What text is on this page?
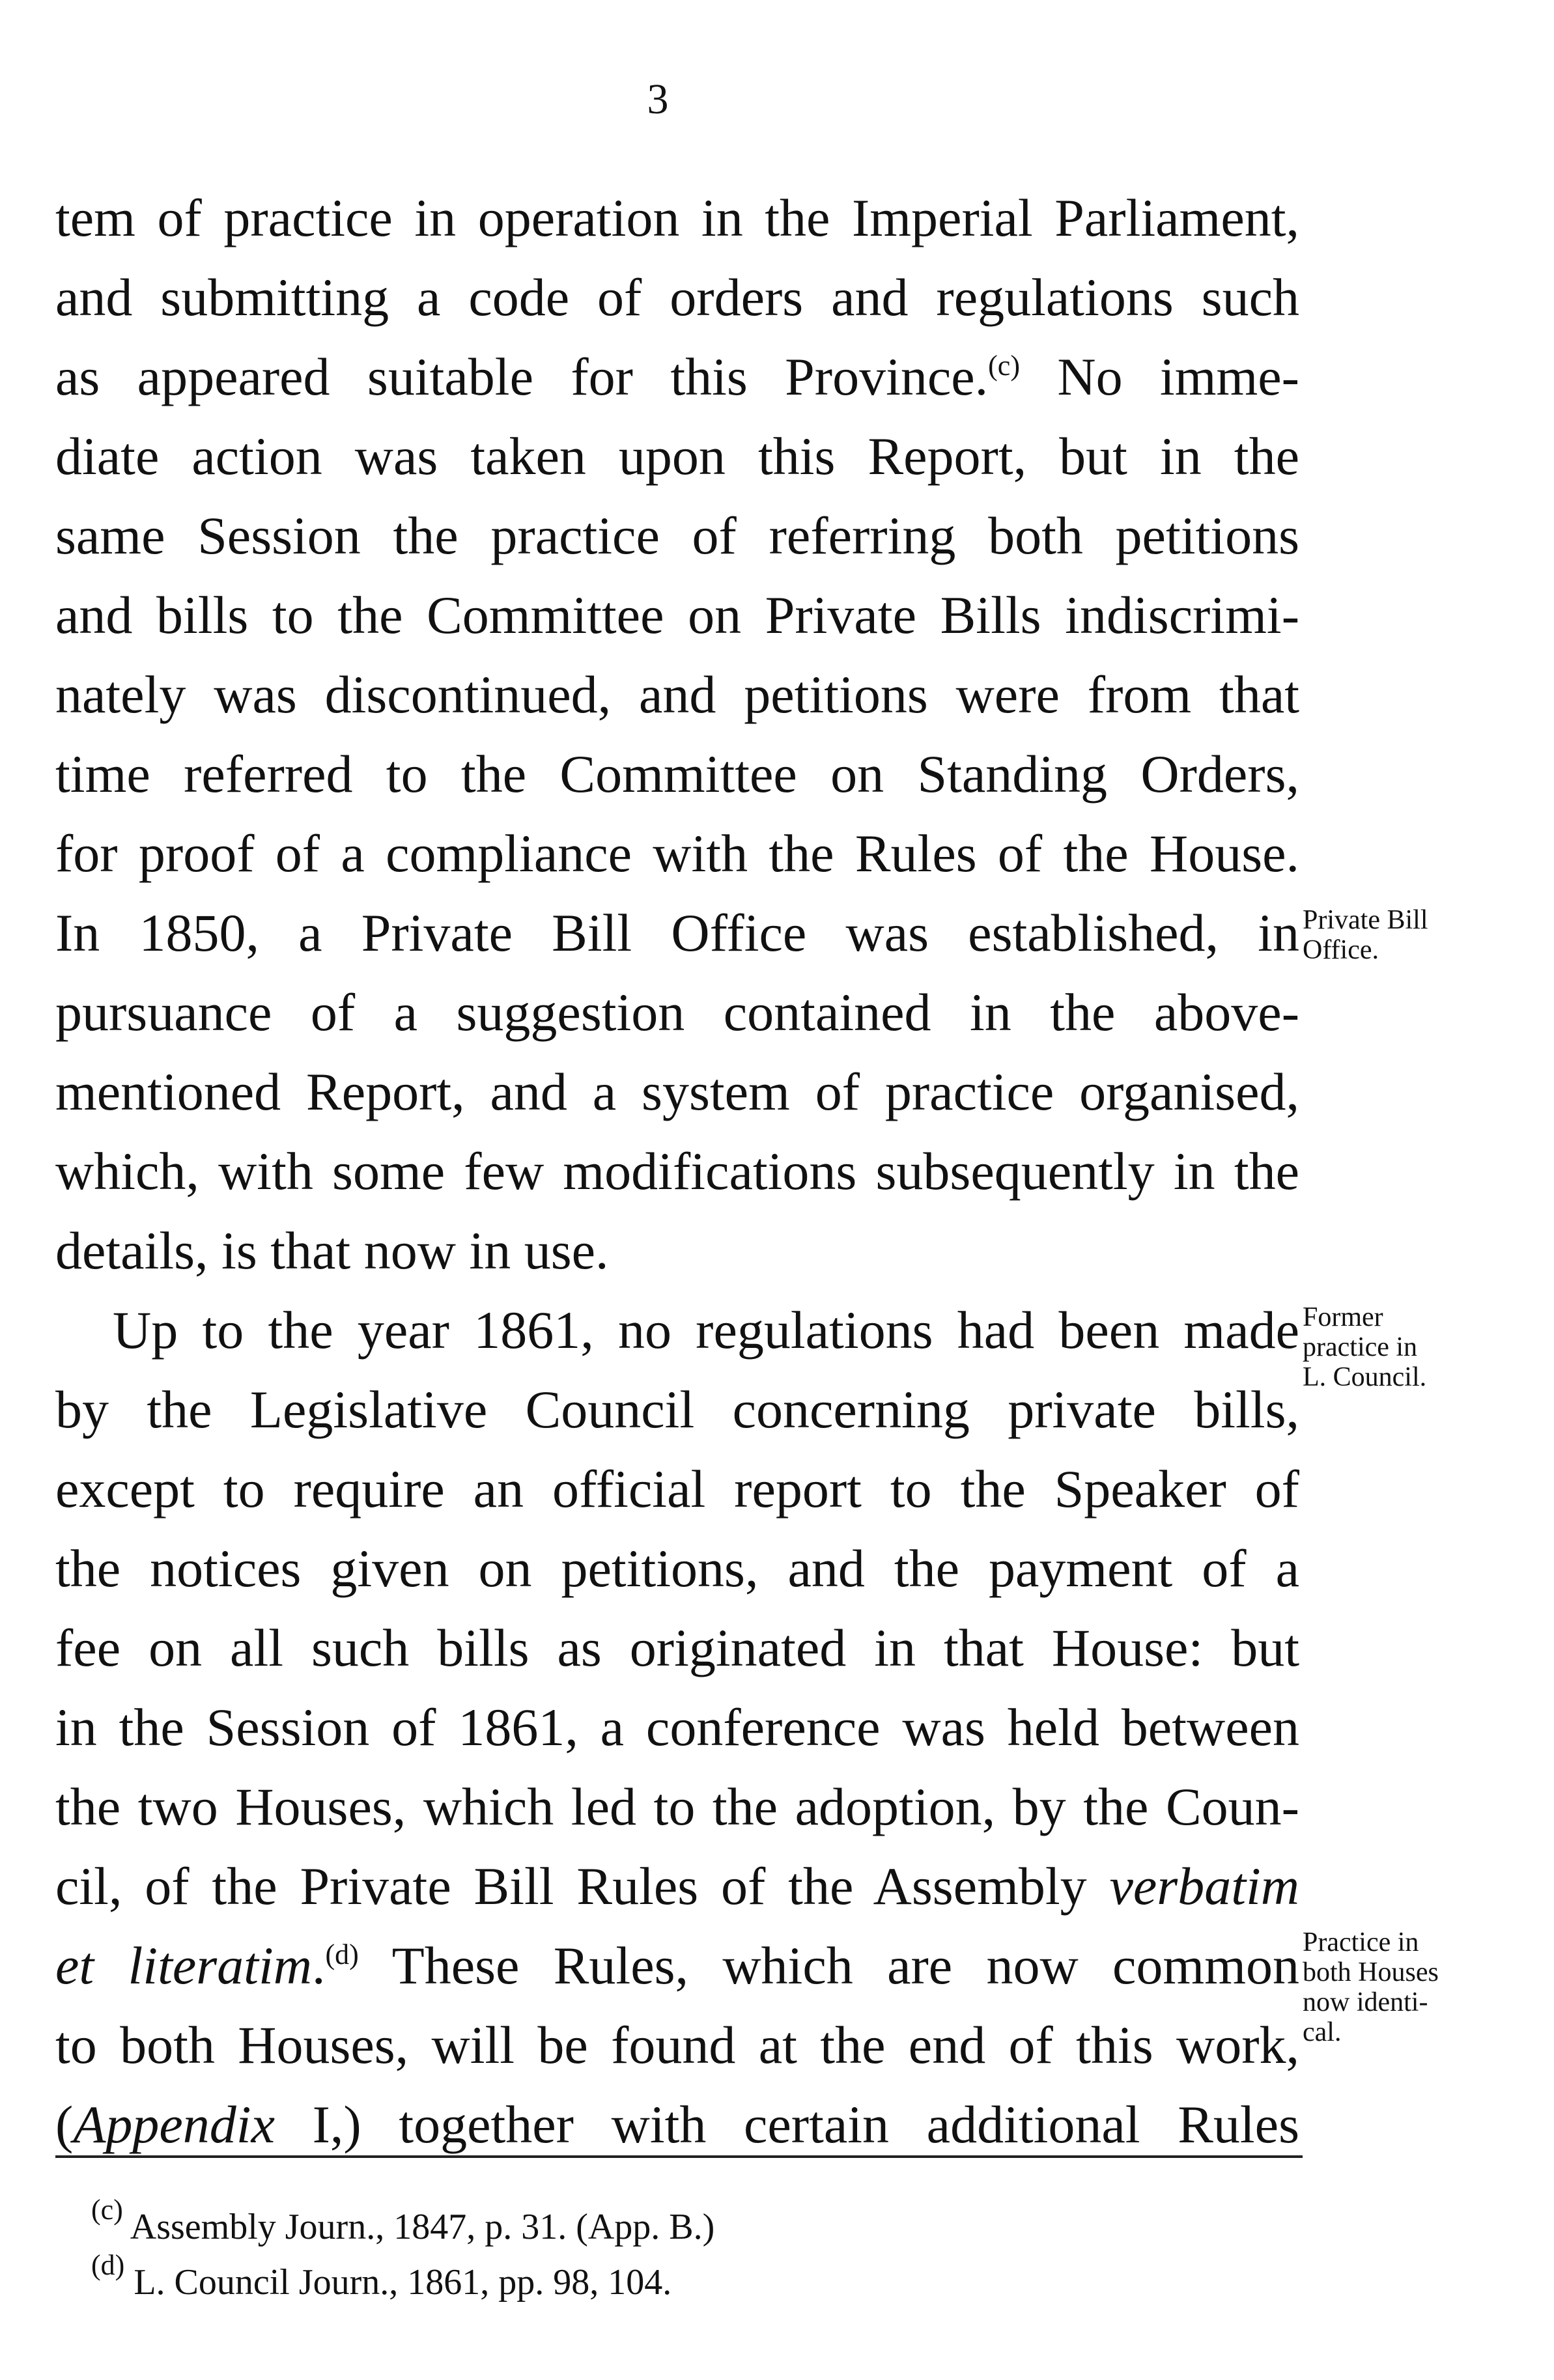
3
tem of practice in operation in the Imperial Parliament,
and submitting a code of orders and regulations such
as appeared suitable for this Province.$^{(c)}$ No imme-
diate action was taken upon this Report, but in the
same Session the practice of referring both petitions
and bills to the Committee on Private Bills indiscrimi-
nately was discontinued, and petitions were from that
time referred to the Committee on Standing Orders,
for proof of a compliance with the Rules of the House.
In 1850, a Private Bill Office was established, in
pursuance of a suggestion contained in the above-
mentioned Report, and a system of practice organised,
which, with some few modifications subsequently in the
details, is that now in use.
Up to the year 1861, no regulations had been made
by the Legislative Council concerning private bills,
except to require an official report to the Speaker of
the notices given on petitions, and the payment of a
fee on all such bills as originated in that House: but
in the Session of 1861, a conference was held between
the two Houses, which led to the adoption, by the Coun-
cil, of the Private Bill Rules of the Assembly verbatim
et literatim.$^{(d)}$ These Rules, which are now common
to both Houses, will be found at the end of this work,
(Appendix I,) together with certain additional Rules
Private Bill
Office.
Former
practice in
L. Council.
Practice in
both Houses
now identi-
cal.
$^{(c)}$ Assembly Journ., 1847, p. 31. (App. B.)
$^{(d)}$ L. Council Journ., 1861, pp. 98, 104.
